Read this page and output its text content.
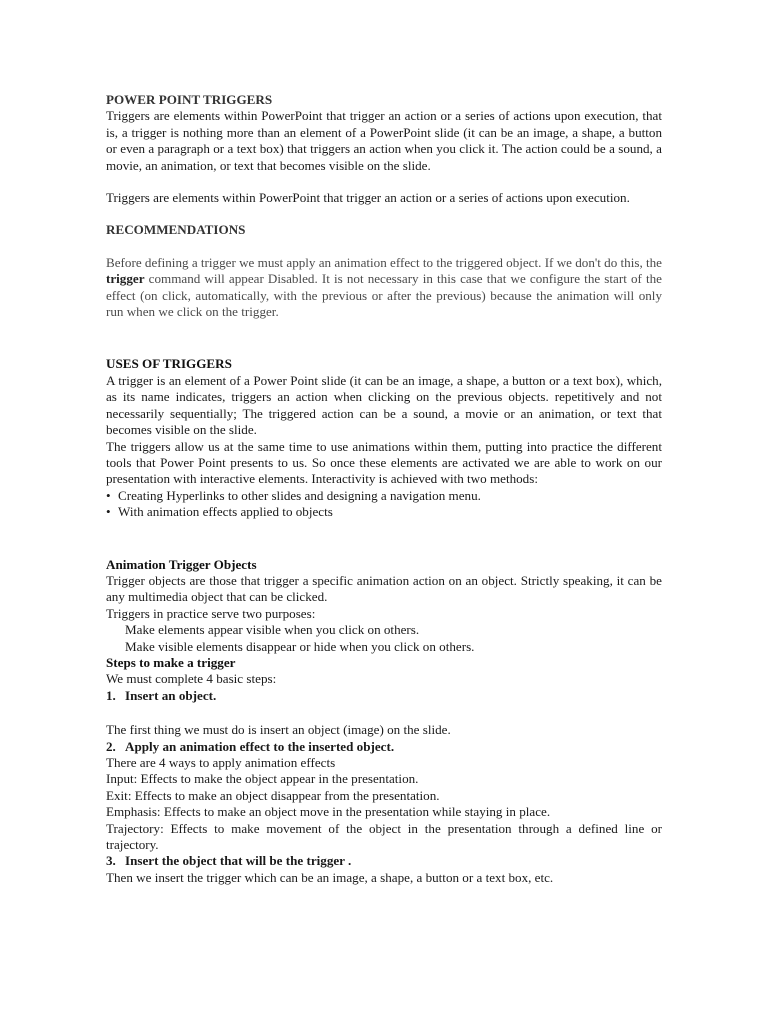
POWER POINT TRIGGERS

Triggers are elements within PowerPoint that trigger an action or a series of actions upon execution, that is, a trigger is nothing more than an element of a PowerPoint slide (it can be an image, a shape, a button or even a paragraph or a text box) that triggers an action when you click it. The action could be a sound, a movie, an animation, or text that becomes visible on the slide.

Triggers are elements within PowerPoint that trigger an action or a series of actions upon execution.

RECOMMENDATIONS

Before defining a trigger we must apply an animation effect to the triggered object. If we don't do this, the trigger command will appear Disabled. It is not necessary in this case that we configure the start of the effect (on click, automatically, with the previous or after the previous) because the animation will only run when we click on the trigger.

USES OF TRIGGERS

A trigger is an element of a Power Point slide (it can be an image, a shape, a button or a text box), which, as its name indicates, triggers an action when clicking on the previous objects. repetitively and not necessarily sequentially; The triggered action can be a sound, a movie or an animation, or text that becomes visible on the slide.

The triggers allow us at the same time to use animations within them, putting into practice the different tools that Power Point presents to us. So once these elements are activated we are able to work on our presentation with interactive elements. Interactivity is achieved with two methods:

• Creating Hyperlinks to other slides and designing a navigation menu.
• With animation effects applied to objects

Animation Trigger Objects

Trigger objects are those that trigger a specific animation action on an object. Strictly speaking, it can be any multimedia object that can be clicked.

Triggers in practice serve two purposes:

Make elements appear visible when you click on others.

Make visible elements disappear or hide when you click on others.

Steps to make a trigger

We must complete 4 basic steps:

1. Insert an object.

The first thing we must do is insert an object (image) on the slide.

2. Apply an animation effect to the inserted object.

There are 4 ways to apply animation effects

Input: Effects to make the object appear in the presentation.

Exit: Effects to make an object disappear from the presentation.

Emphasis: Effects to make an object move in the presentation while staying in place.

Trajectory: Effects to make movement of the object in the presentation through a defined line or trajectory.

3. Insert the object that will be the trigger .

Then we insert the trigger which can be an image, a shape, a button or a text box, etc.
